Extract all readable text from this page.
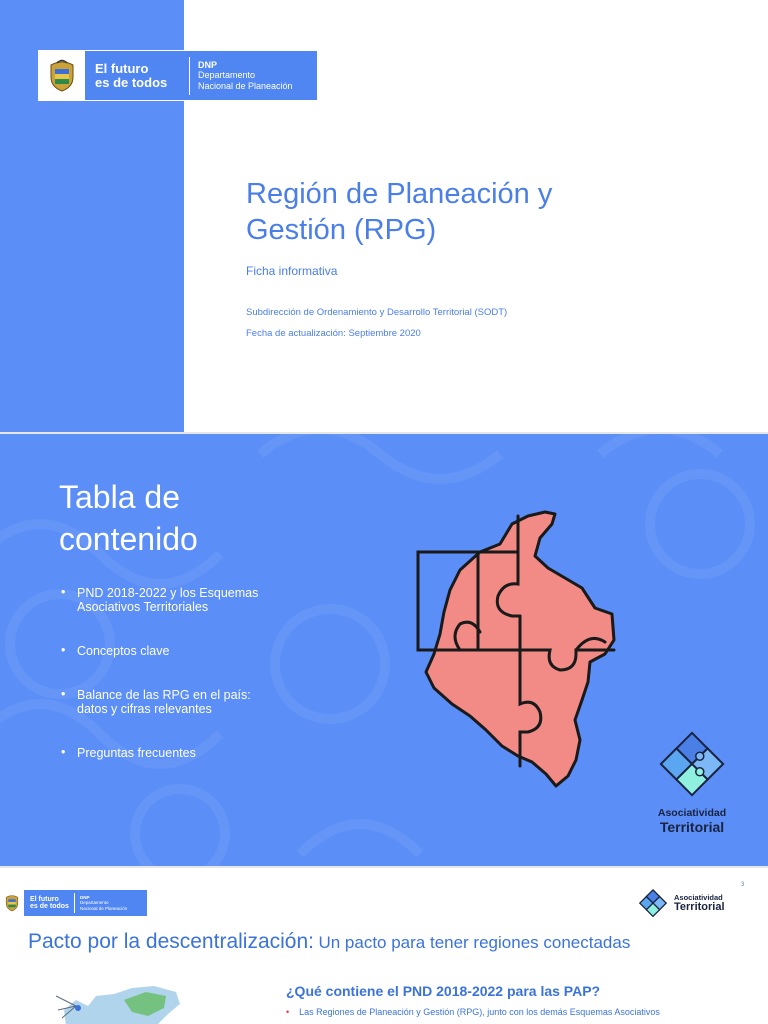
El futuro
es de todos
DNP
Departamento
Nacional de Planeación
Región de Planeación y
Gestión (RPG)
Ficha informativa
Subdirección de Ordenamiento y Desarrollo Territorial (SODT)
Fecha de actualización: Septiembre 2020
Tabla de
contenido
• PND 2018-2022 y los Esquemas
Asociativos Territoriales
• Conceptos clave
• Balance de las RPG en el país:
datos y cifras relevantes
• Preguntas frecuentes
Asociatividad
Territorial
El futuro
es de todos
DNP
Departamento
Nacional de Planeación
3
Asociatividad
Territorial
Pacto por la descentralización: Un pacto para tener regiones conectadas
¿Qué contiene el PND 2018-2022 para las PAP?
• Las Regiones de Planeación y Gestión (RPG), junto con los demás Esquemas Asociativos
